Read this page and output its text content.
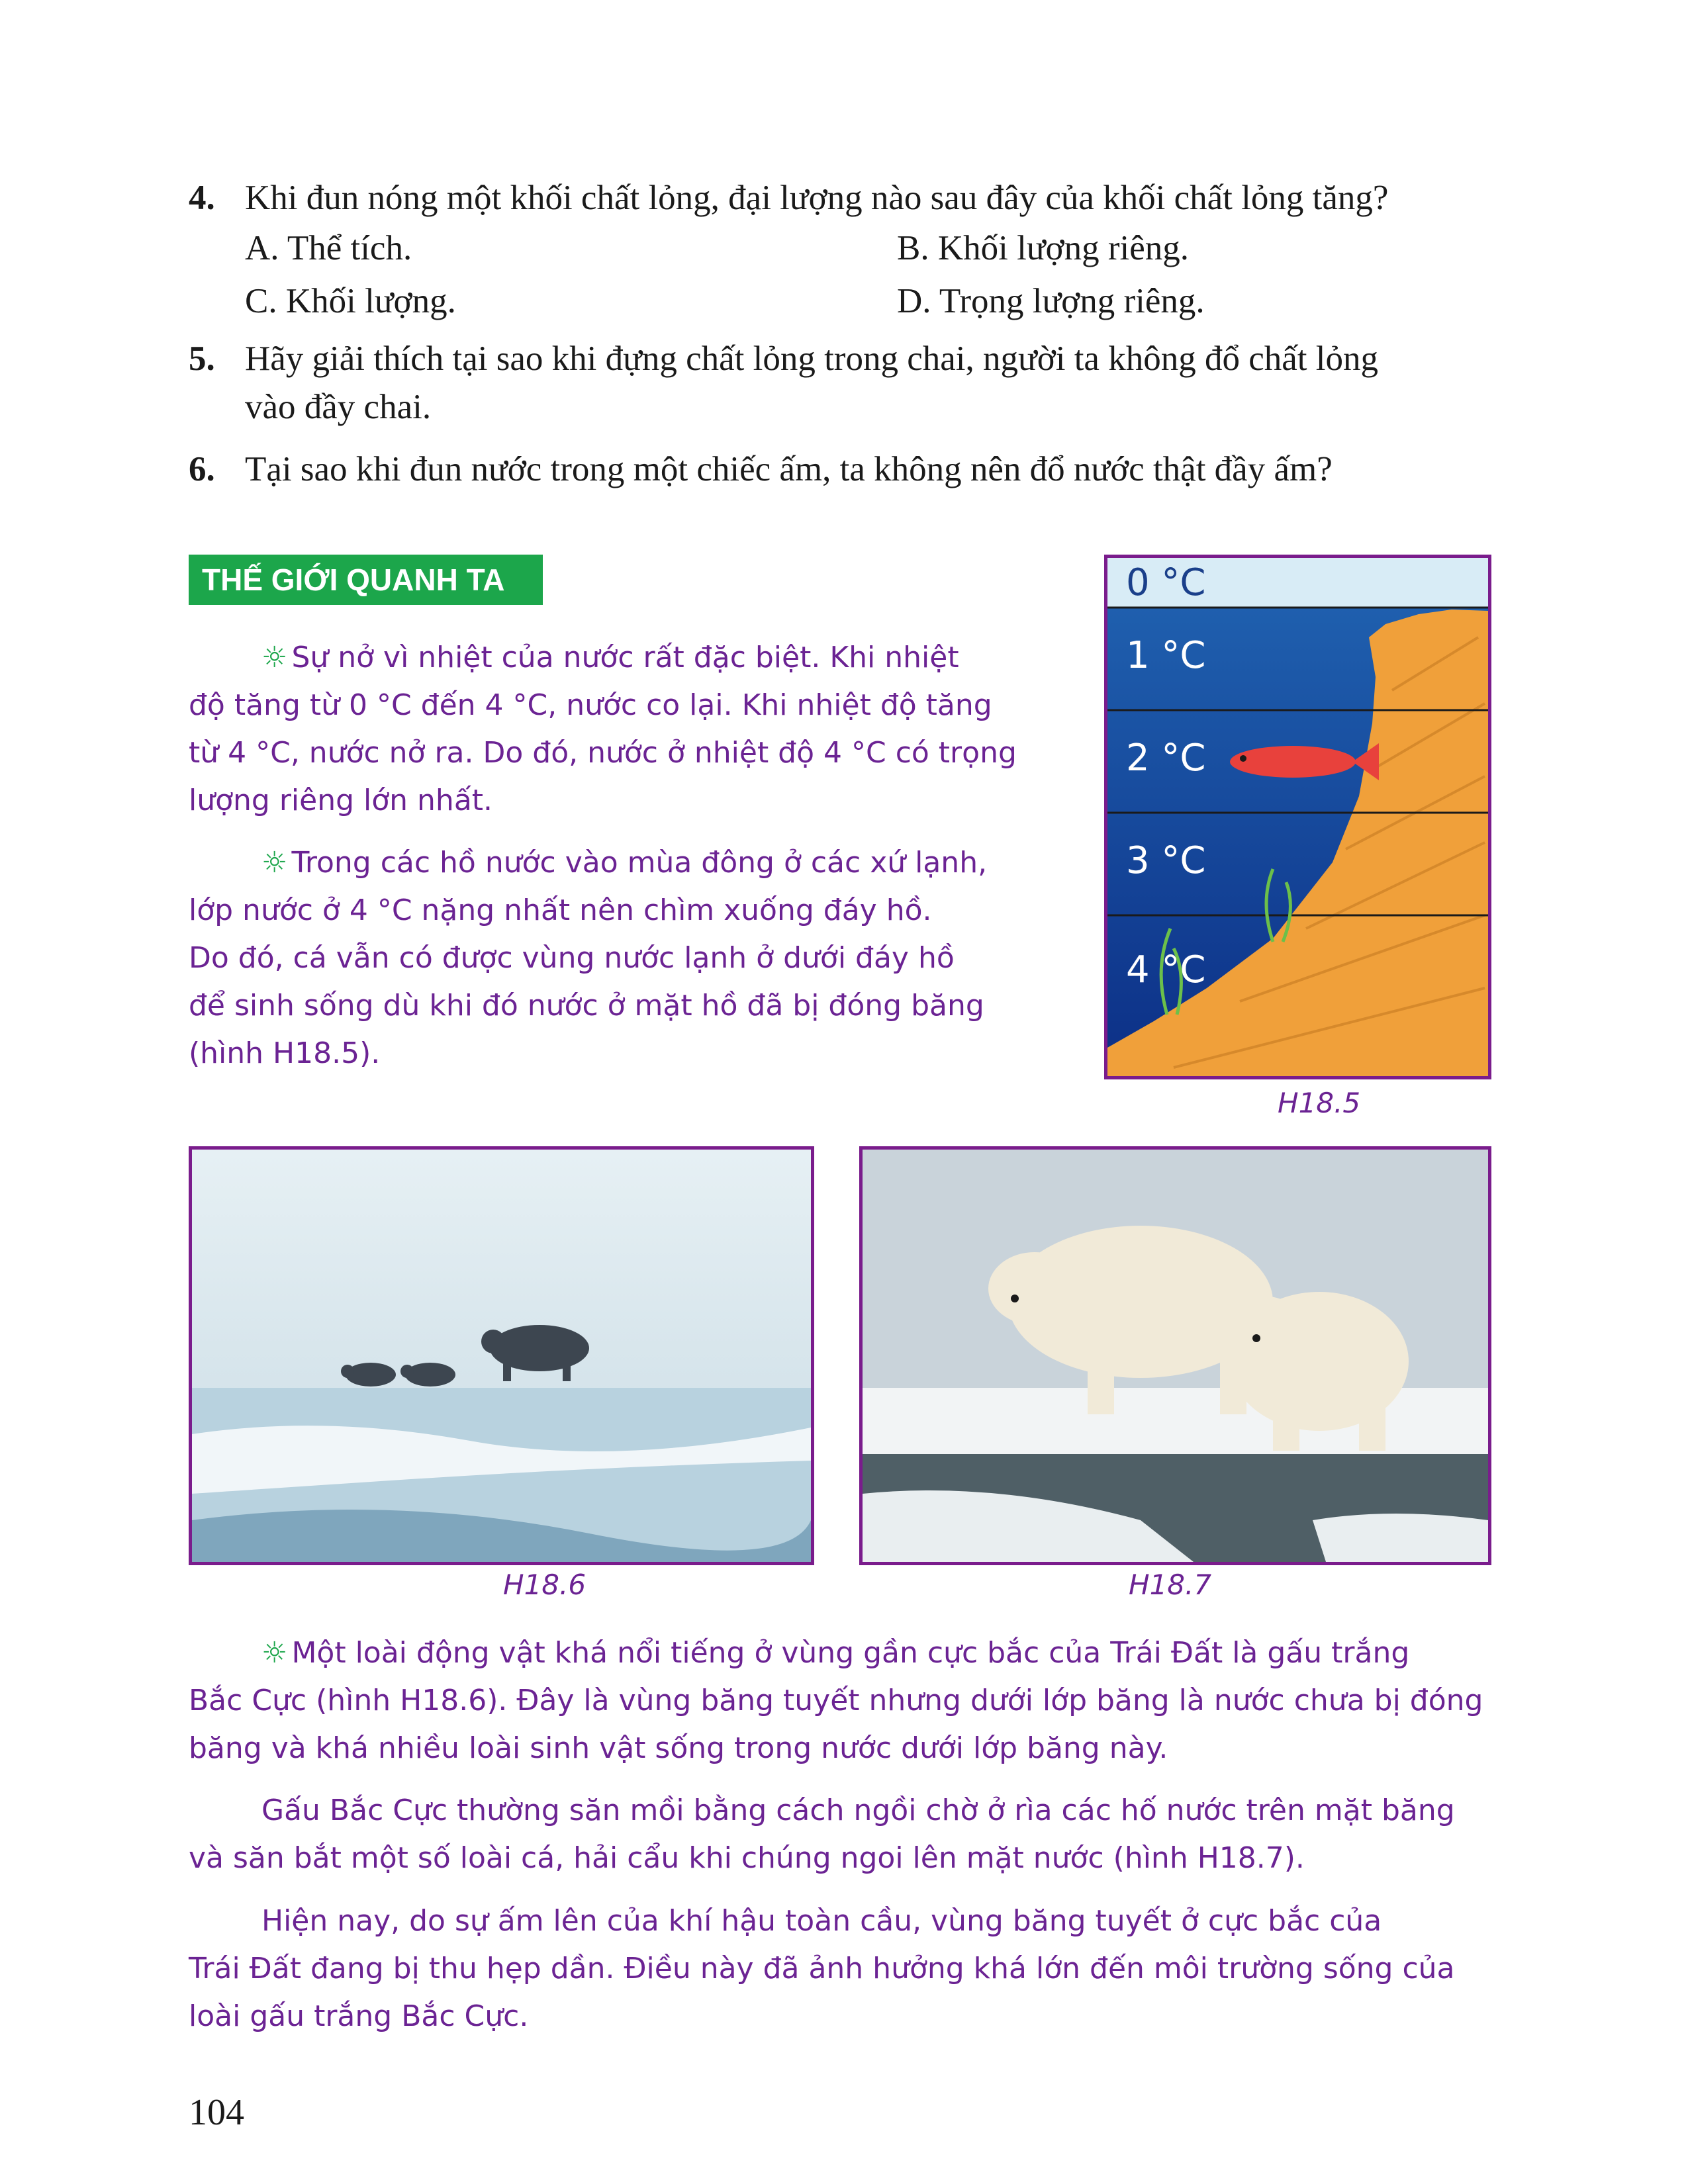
4. Khi đun nóng một khối chất lỏng, đại lượng nào sau đây của khối chất lỏng tăng?
A. Thể tích.	B. Khối lượng riêng.
C. Khối lượng.	D. Trọng lượng riêng.
5. Hãy giải thích tại sao khi đựng chất lỏng trong chai, người ta không đổ chất lỏng
vào đầy chai.
6. Tại sao khi đun nước trong một chiếc ấm, ta không nên đổ nước thật đầy ấm?
THẾ GIỚI QUANH TA
☼ Sự nở vì nhiệt của nước rất đặc biệt. Khi nhiệt
độ tăng từ 0 °C đến 4 °C, nước co lại. Khi nhiệt độ tăng
từ 4 °C, nước nở ra. Do đó, nước ở nhiệt độ 4 °C có trọng
lượng riêng lớn nhất.
☼ Trong các hồ nước vào mùa đông ở các xứ lạnh,
lớp nước ở 4 °C nặng nhất nên chìm xuống đáy hồ.
Do đó, cá vẫn có được vùng nước lạnh ở dưới đáy hồ
để sinh sống dù khi đó nước ở mặt hồ đã bị đóng băng
(hình H18.5).
0 °C
1 °C
2 °C
3 °C
4 °C
H18.5
H18.6	H18.7
☼ Một loài động vật khá nổi tiếng ở vùng gần cực bắc của Trái Đất là gấu trắng
Bắc Cực (hình H18.6). Đây là vùng băng tuyết nhưng dưới lớp băng là nước chưa bị đóng
băng và khá nhiều loài sinh vật sống trong nước dưới lớp băng này.
Gấu Bắc Cực thường săn mồi bằng cách ngồi chờ ở rìa các hố nước trên mặt băng
và săn bắt một số loài cá, hải cẩu khi chúng ngoi lên mặt nước (hình H18.7).
Hiện nay, do sự ấm lên của khí hậu toàn cầu, vùng băng tuyết ở cực bắc của
Trái Đất đang bị thu hẹp dần. Điều này đã ảnh hưởng khá lớn đến môi trường sống của
loài gấu trắng Bắc Cực.
104
